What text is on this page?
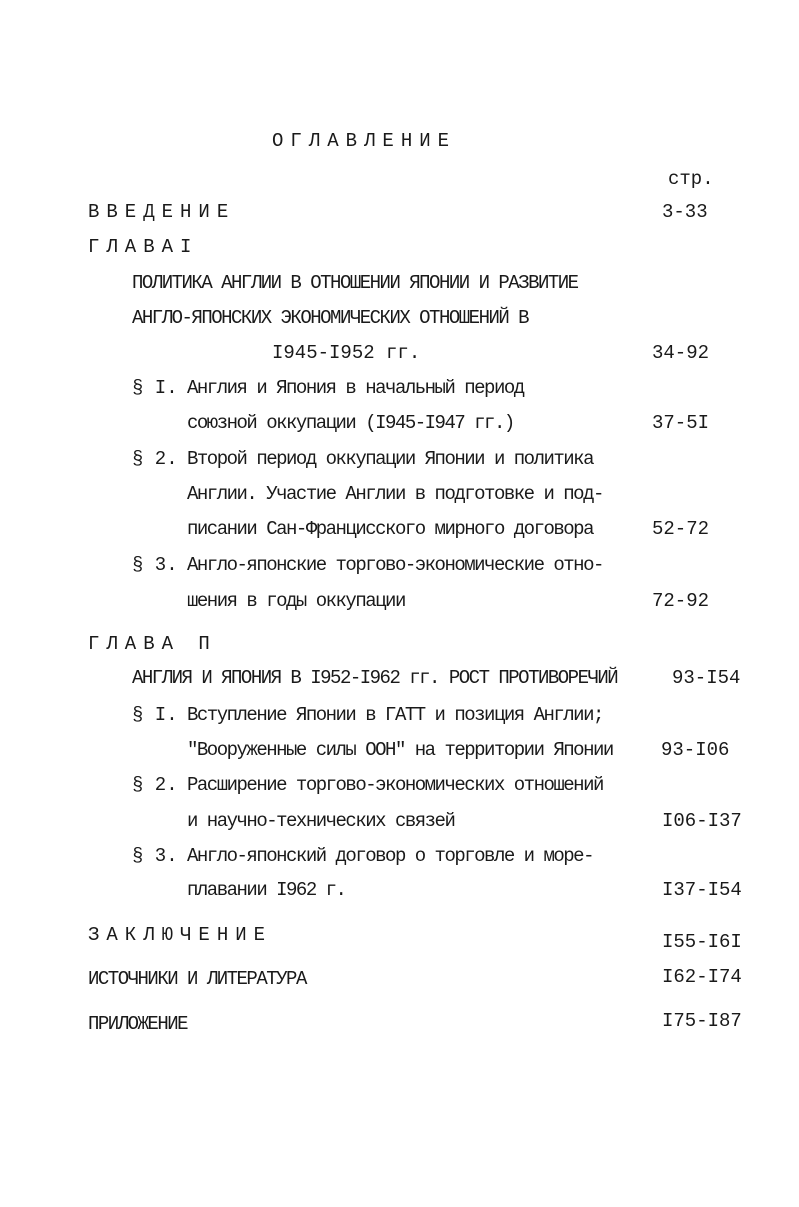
ОГЛАВЛЕНИЕ
стр.
ВВЕДЕНИЕ	3-33
ГЛАВАI
ПОЛИТИКА АНГЛИИ В ОТНОШЕНИИ ЯПОНИИ И РАЗВИТИЕ
АНГЛО-ЯПОНСКИХ ЭКОНОМИЧЕСКИХ ОТНОШЕНИЙ В
I945-I952 гг.	34-92
§ I. Англия и Япония в начальный период
союзной оккупации (I945-I947 гг.)	37-5I
§ 2. Второй период оккупации Японии и политика
Англии. Участие Англии в подготовке и под-
писании Сан-Францисского мирного договора	52-72
§ 3. Англо-японские торгово-экономические отно-
шения в годы оккупации	72-92
ГЛАВА П
АНГЛИЯ И ЯПОНИЯ В I952-I962 гг. РОСТ ПРОТИВОРЕЧИЙ	93-I54
§ I. Вступление Японии в ГАТТ и позиция Англии;
"Вооруженные силы ООН" на территории Японии	93-I06
§ 2. Расширение торгово-экономических отношений
и научно-технических связей	I06-I37
§ 3. Англо-японский договор о торговле и море-
плавании I962 г.	I37-I54
ЗАКЛЮЧЕНИЕ	I55-I6I
ИСТОЧНИКИ И ЛИТЕРАТУРА	I62-I74
ПРИЛОЖЕНИЕ	I75-I87
